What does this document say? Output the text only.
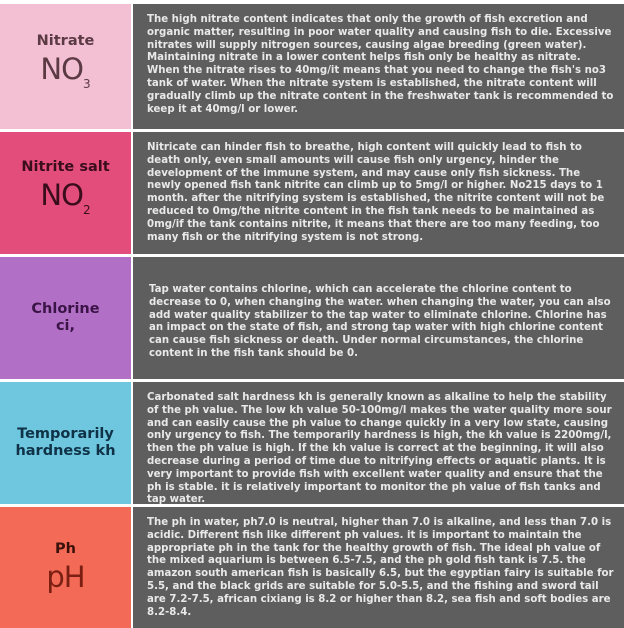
Nitrate
$NO_3$

The high nitrate content indicates that only the growth of fish excretion and organic matter, resulting in poor water quality and causing fish to die. Excessive nitrates will supply nitrogen sources, causing algae breeding (green water). Maintaining nitrate in a lower content helps fish only be healthy as nitrate. When the nitrate rises to 40mg/it means that you need to change the fish's no3 tank of water. When the nitrate system is established, the nitrate content will gradually climb up the nitrate content in the freshwater tank is recommended to keep it at 40mg/l or lower.

Nitrite salt
$NO_2$

Nitricate can hinder fish to breathe, high content will quickly lead to fish to death only, even small amounts will cause fish only urgency, hinder the development of the immune system, and may cause only fish sickness. The newly opened fish tank nitrite can climb up to 5mg/l or higher. No215 days to 1 month. after the nitrifying system is established, the nitrite content will not be reduced to 0mg/the nitrite content in the fish tank needs to be maintained as 0mg/if the tank contains nitrite, it means that there are too many feeding, too many fish or the nitrifying system is not strong.

Chlorine ci,

Tap water contains chlorine, which can accelerate the chlorine content to decrease to 0, when changing the water. when changing the water, you can also add water quality stabilizer to the tap water to eliminate chlorine. Chlorine has an impact on the state of fish, and strong tap water with high chlorine content can cause fish sickness or death. Under normal circumstances, the chlorine content in the fish tank should be 0.

Temporarily hardness kh

Carbonated salt hardness kh is generally known as alkaline to help the stability of the ph value. The low kh value 50-100mg/l makes the water quality more sour and can easily cause the ph value to change quickly in a very low state, causing only urgency to fish. The temporarily hardness is high, the kh value is 2200mg/l, then the ph value is high. If the kh value is correct at the beginning, it will also decrease during a period of time due to nitrifying effects or aquatic plants. It is very important to provide fish with excellent water quality and ensure that the ph is stable. it is relatively important to monitor the ph value of fish tanks and tap water.

Ph
pH

The ph in water, ph7.0 is neutral, higher than 7.0 is alkaline, and less than 7.0 is acidic. Different fish like different ph values. it is important to maintain the appropriate ph in the tank for the healthy growth of fish. The ideal ph value of the mixed aquarium is between 6.5-7.5, and the ph gold fish tank is 7.5. the amazon south american fish is basically 6.5, but the egyptian fairy is suitable for 5.5, and the black grids are suitable for 5.0-5.5, and the fishing and sword tail are 7.2-7.5, african cixiang is 8.2 or higher than 8.2, sea fish and soft bodies are 8.2-8.4.
